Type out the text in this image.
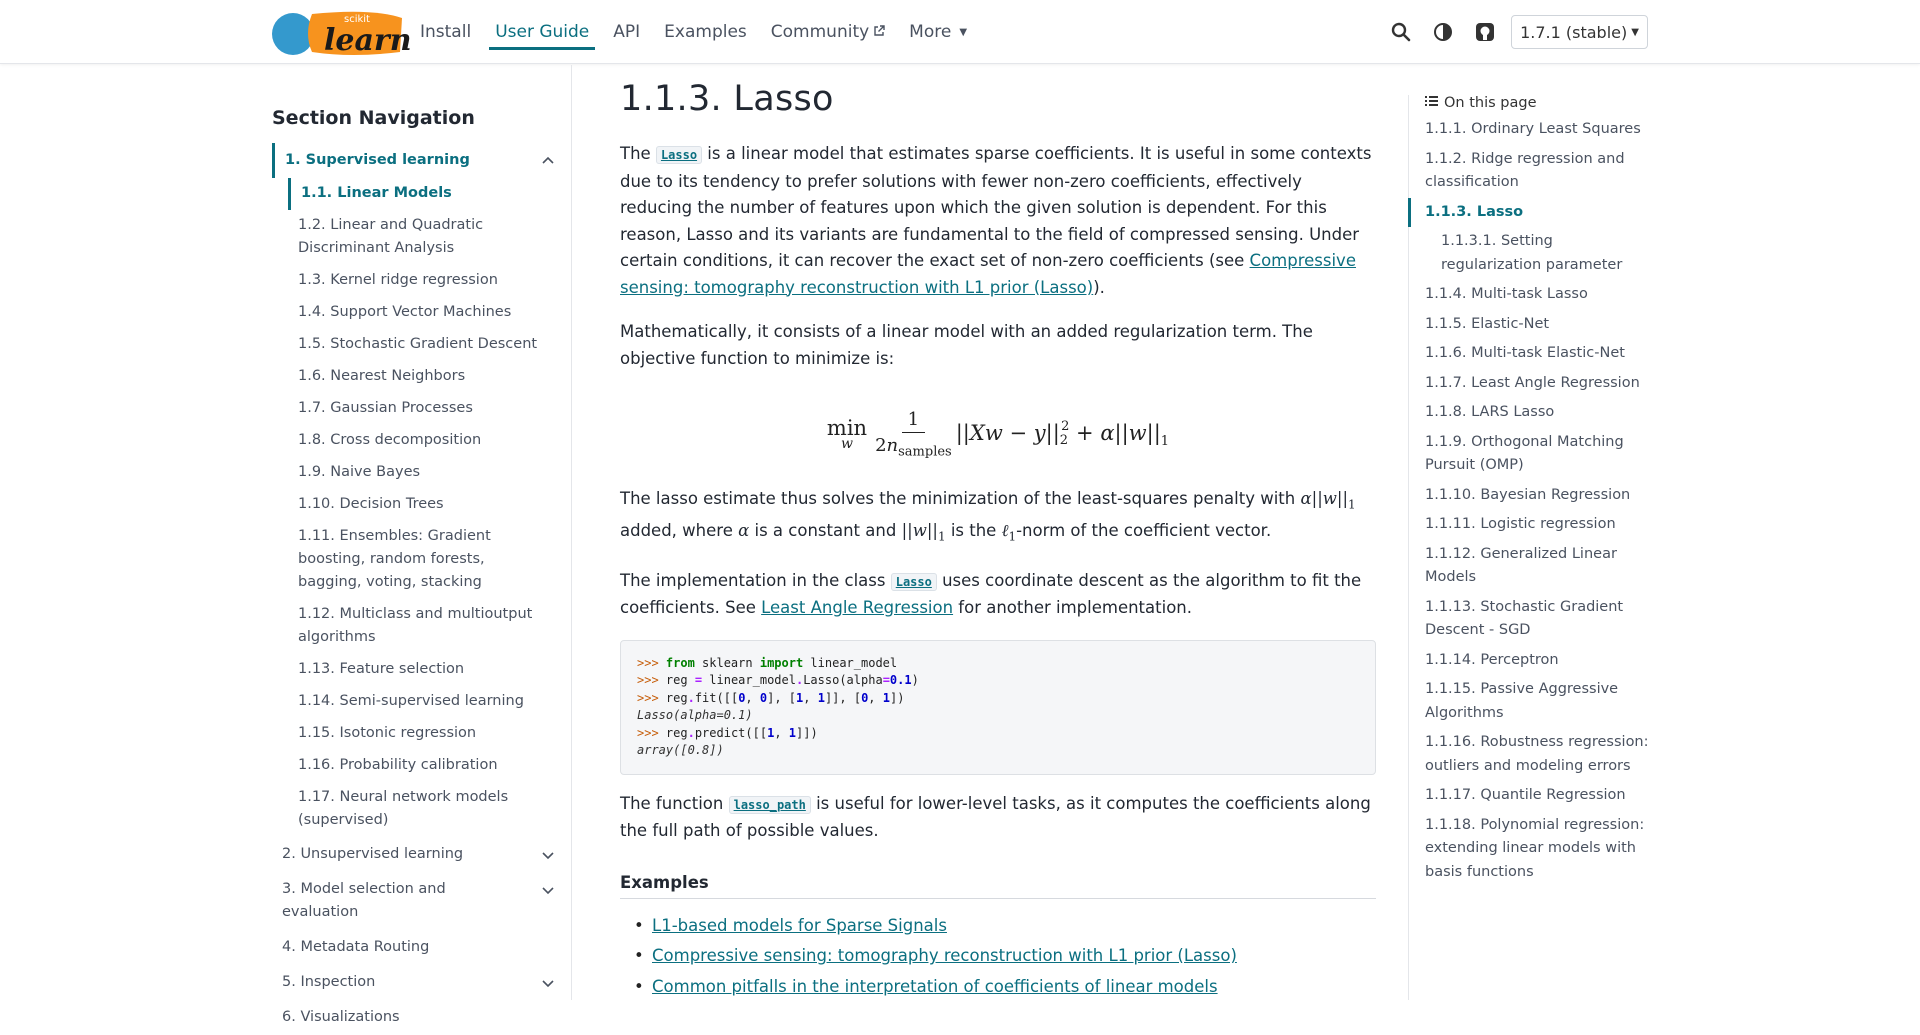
scikit
learn Install User Guide API Examples Community More ▼	1.7.1 (stable) ▼
Section Navigation
1. Supervised learning
1.1. Linear Models
1.2. Linear and Quadratic Discriminant Analysis
1.3. Kernel ridge regression
1.4. Support Vector Machines
1.5. Stochastic Gradient Descent
1.6. Nearest Neighbors
1.7. Gaussian Processes
1.8. Cross decomposition
1.9. Naive Bayes
1.10. Decision Trees
1.11. Ensembles: Gradient boosting, random forests, bagging, voting, stacking
1.12. Multiclass and multioutput algorithms
1.13. Feature selection
1.14. Semi-supervised learning
1.15. Isotonic regression
1.16. Probability calibration
1.17. Neural network models (supervised)
2. Unsupervised learning
3. Model selection and evaluation
4. Metadata Routing
5. Inspection
6. Visualizations
1.1.3. Lasso

The Lasso is a linear model that estimates sparse coefficients. It is useful in some contexts due to its tendency to prefer solutions with fewer non-zero coefficients, effectively reducing the number of features upon which the given solution is dependent. For this reason, Lasso and its variants are fundamental to the field of compressed sensing. Under certain conditions, it can recover the exact set of non-zero coefficients (see Compressive sensing: tomography reconstruction with L1 prior (Lasso)).

Mathematically, it consists of a linear model with an added regularization term. The objective function to minimize is:

min
w $\frac{1}{2n_{samples}} ||Xw - y||_2^2 + \alpha||w||_1$

The lasso estimate thus solves the minimization of the least-squares penalty with $\alpha||w||_1$ added, where α is a constant and $||w||_1$ is the ℓ$_1$-norm of the coefficient vector.

The implementation in the class Lasso uses coordinate descent as the algorithm to fit the coefficients. See Least Angle Regression for another implementation.

>>> from sklearn import linear_model
>>> reg = linear_model.Lasso(alpha=0.1)
>>> reg.fit([[0, 0], [1, 1]], [0, 1])
Lasso(alpha=0.1)
>>> reg.predict([[1, 1]])
array([0.8])

The function lasso_path is useful for lower-level tasks, as it computes the coefficients along the full path of possible values.

Examples
• L1-based models for Sparse Signals
• Compressive sensing: tomography reconstruction with L1 prior (Lasso)
• Common pitfalls in the interpretation of coefficients of linear models
On this page
1.1.1. Ordinary Least Squares
1.1.2. Ridge regression and classification
1.1.3. Lasso
1.1.3.1. Setting regularization parameter
1.1.4. Multi-task Lasso
1.1.5. Elastic-Net
1.1.6. Multi-task Elastic-Net
1.1.7. Least Angle Regression
1.1.8. LARS Lasso
1.1.9. Orthogonal Matching Pursuit (OMP)
1.1.10. Bayesian Regression
1.1.11. Logistic regression
1.1.12. Generalized Linear Models
1.1.13. Stochastic Gradient Descent - SGD
1.1.14. Perceptron
1.1.15. Passive Aggressive Algorithms
1.1.16. Robustness regression: outliers and modeling errors
1.1.17. Quantile Regression
1.1.18. Polynomial regression: extending linear models with basis functions
